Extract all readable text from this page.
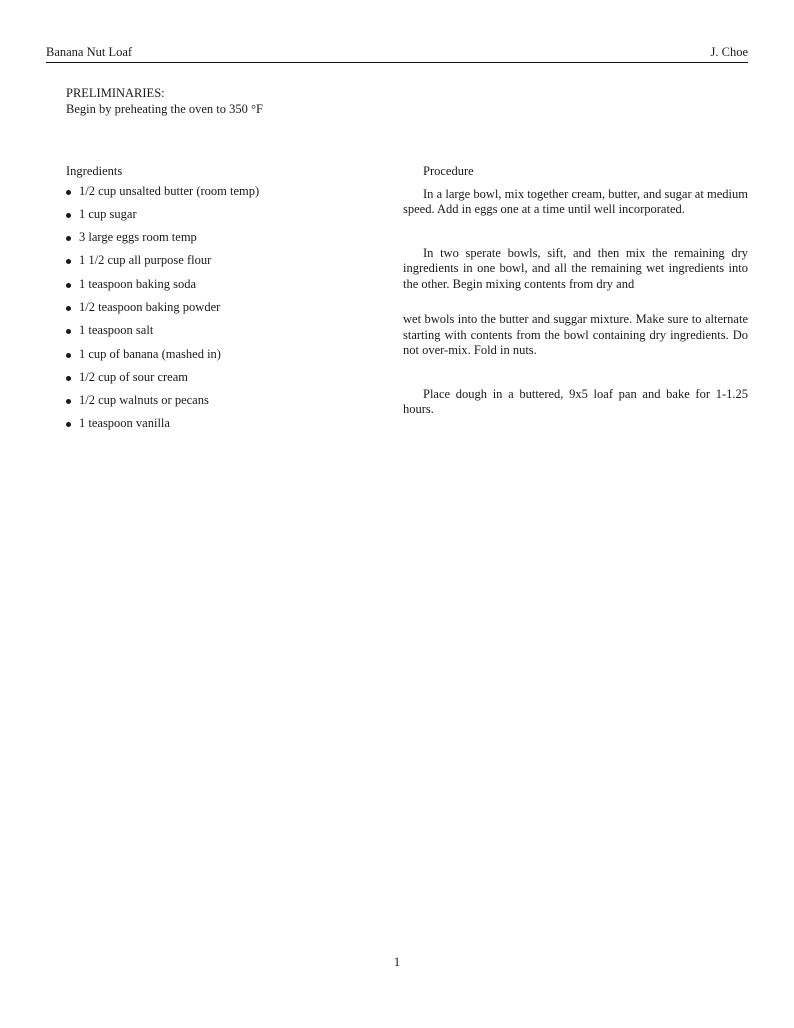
Banana Nut Loaf	J. Choe
PRELIMINARIES:
Begin by preheating the oven to 350 °F
Ingredients
1/2 cup unsalted butter (room temp)
1 cup sugar
3 large eggs room temp
1 1/2 cup all purpose flour
1 teaspoon baking soda
1/2 teaspoon baking powder
1 teaspoon salt
1 cup of banana (mashed in)
1/2 cup of sour cream
1/2 cup walnuts or pecans
1 teaspoon vanilla
Procedure

In a large bowl, mix together cream, butter, and sugar at medium speed. Add in eggs one at a time until well incorporated.

In two sperate bowls, sift, and then mix the remaining dry ingredients in one bowl, and all the remaining wet ingredients into the other. Begin mixing contents from dry and

wet bwols into the butter and suggar mixture. Make sure to alternate starting with contents from the bowl containing dry ingredients. Do not over-mix. Fold in nuts.

Place dough in a buttered, 9x5 loaf pan and bake for 1-1.25 hours.

1
